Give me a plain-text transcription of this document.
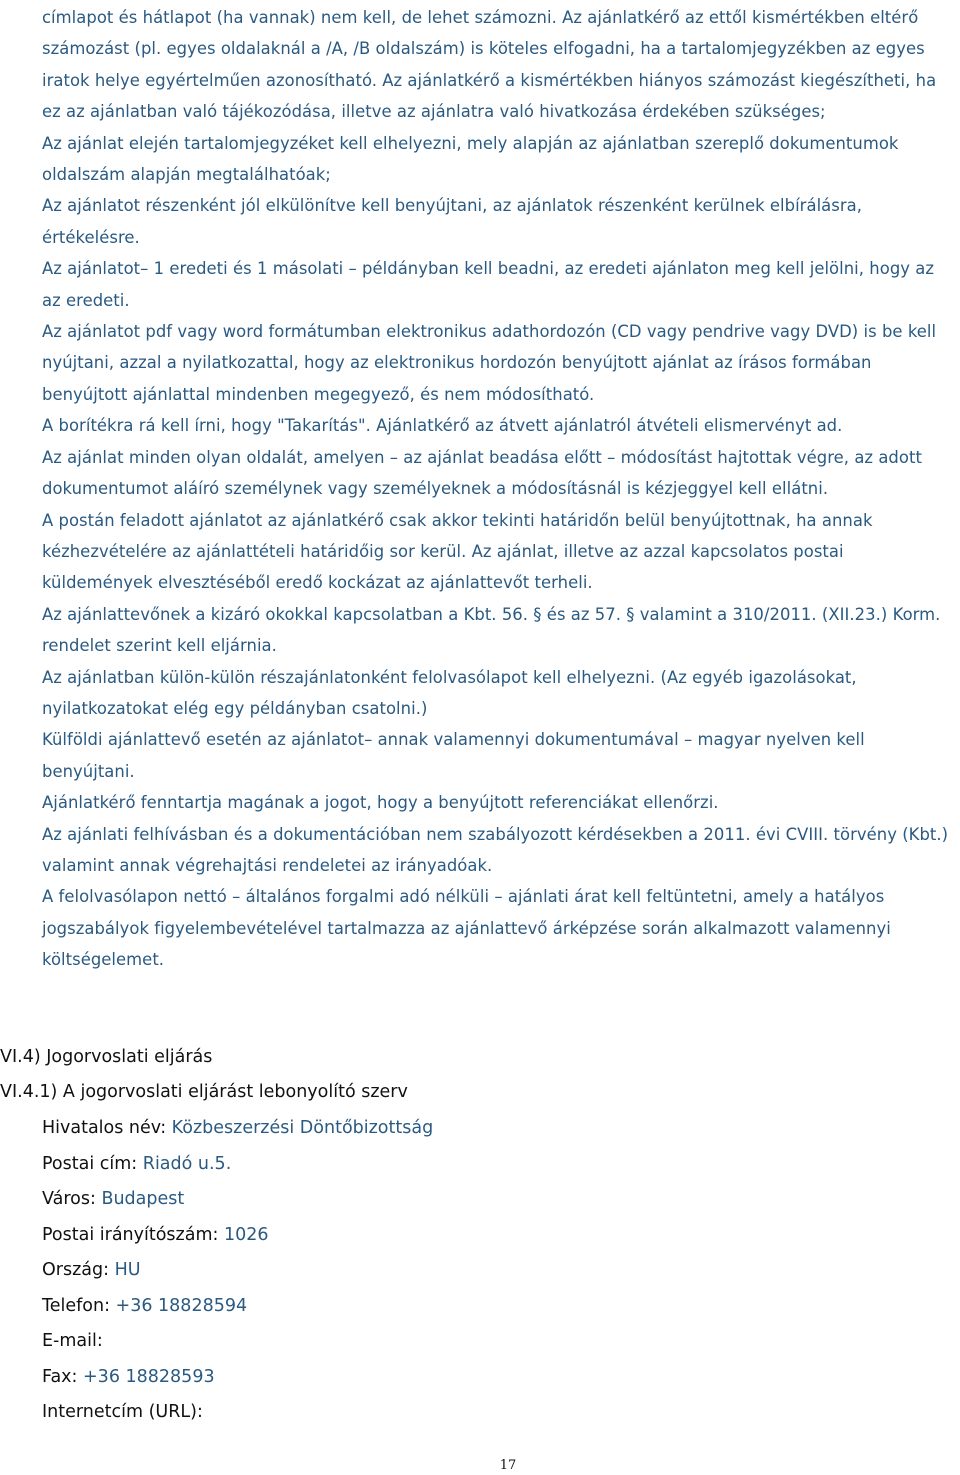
címlapot és hátlapot (ha vannak) nem kell, de lehet számozni. Az ajánlatkérő az ettől kismértékben eltérő számozást (pl. egyes oldalaknál a /A, /B oldalszám) is köteles elfogadni, ha a tartalomjegyzékben az egyes iratok helye egyértelműen azonosítható. Az ajánlatkérő a kismértékben hiányos számozást kiegészítheti, ha ez az ajánlatban való tájékozódása, illetve az ajánlatra való hivatkozása érdekében szükséges;

Az ajánlat elején tartalomjegyzéket kell elhelyezni, mely alapján az ajánlatban szereplő dokumentumok oldalszám alapján megtalálhatóak;

Az ajánlatot részenként jól elkülönítve kell benyújtani, az ajánlatok részenként kerülnek elbírálásra, értékelésre.

Az ajánlatot– 1 eredeti és 1 másolati – példányban kell beadni, az eredeti ajánlaton meg kell jelölni, hogy az az eredeti.

Az ajánlatot pdf vagy word formátumban elektronikus adathordozón (CD vagy pendrive vagy DVD) is be kell nyújtani, azzal a nyilatkozattal, hogy az elektronikus hordozón benyújtott ajánlat az írásos formában benyújtott ajánlattal mindenben megegyező, és nem módosítható.

A borítékra rá kell írni, hogy "Takarítás". Ajánlatkérő az átvett ajánlatról átvételi elismervényt ad.

Az ajánlat minden olyan oldalát, amelyen – az ajánlat beadása előtt – módosítást hajtottak végre, az adott dokumentumot aláíró személynek vagy személyeknek a módosításnál is kézjeggyel kell ellátni.

A postán feladott ajánlatot az ajánlatkérő csak akkor tekinti határidőn belül benyújtottnak, ha annak kézhezvételére az ajánlattételi határidőig sor kerül. Az ajánlat, illetve az azzal kapcsolatos postai küldemények elvesztéséből eredő kockázat az ajánlattevőt terheli.

Az ajánlattevőnek a kizáró okokkal kapcsolatban a Kbt. 56. § és az 57. § valamint a 310/2011. (XII.23.) Korm. rendelet szerint kell eljárnia.

Az ajánlatban külön-külön részajánlatonként felolvasólapot kell elhelyezni. (Az egyéb igazolásokat, nyilatkozatokat elég egy példányban csatolni.)

Külföldi ajánlattevő esetén az ajánlatot– annak valamennyi dokumentumával – magyar nyelven kell benyújtani.

Ajánlatkérő fenntartja magának a jogot, hogy a benyújtott referenciákat ellenőrzi.

Az ajánlati felhívásban és a dokumentációban nem szabályozott kérdésekben a 2011. évi CVIII. törvény (Kbt.) valamint annak végrehajtási rendeletei az irányadóak.

A felolvasólapon nettó – általános forgalmi adó nélküli – ajánlati árat kell feltüntetni, amely a hatályos jogszabályok figyelembevételével tartalmazza az ajánlattevő árképzése során alkalmazott valamennyi költségelemet.

VI.4) Jogorvoslati eljárás
VI.4.1) A jogorvoslati eljárást lebonyolító szerv
Hivatalos név: Közbeszerzési Döntőbizottság
Postai cím: Riadó u.5.
Város: Budapest
Postai irányítószám: 1026
Ország: HU
Telefon: +36 18828594
E-mail:
Fax: +36 18828593
Internetcím (URL):
17
